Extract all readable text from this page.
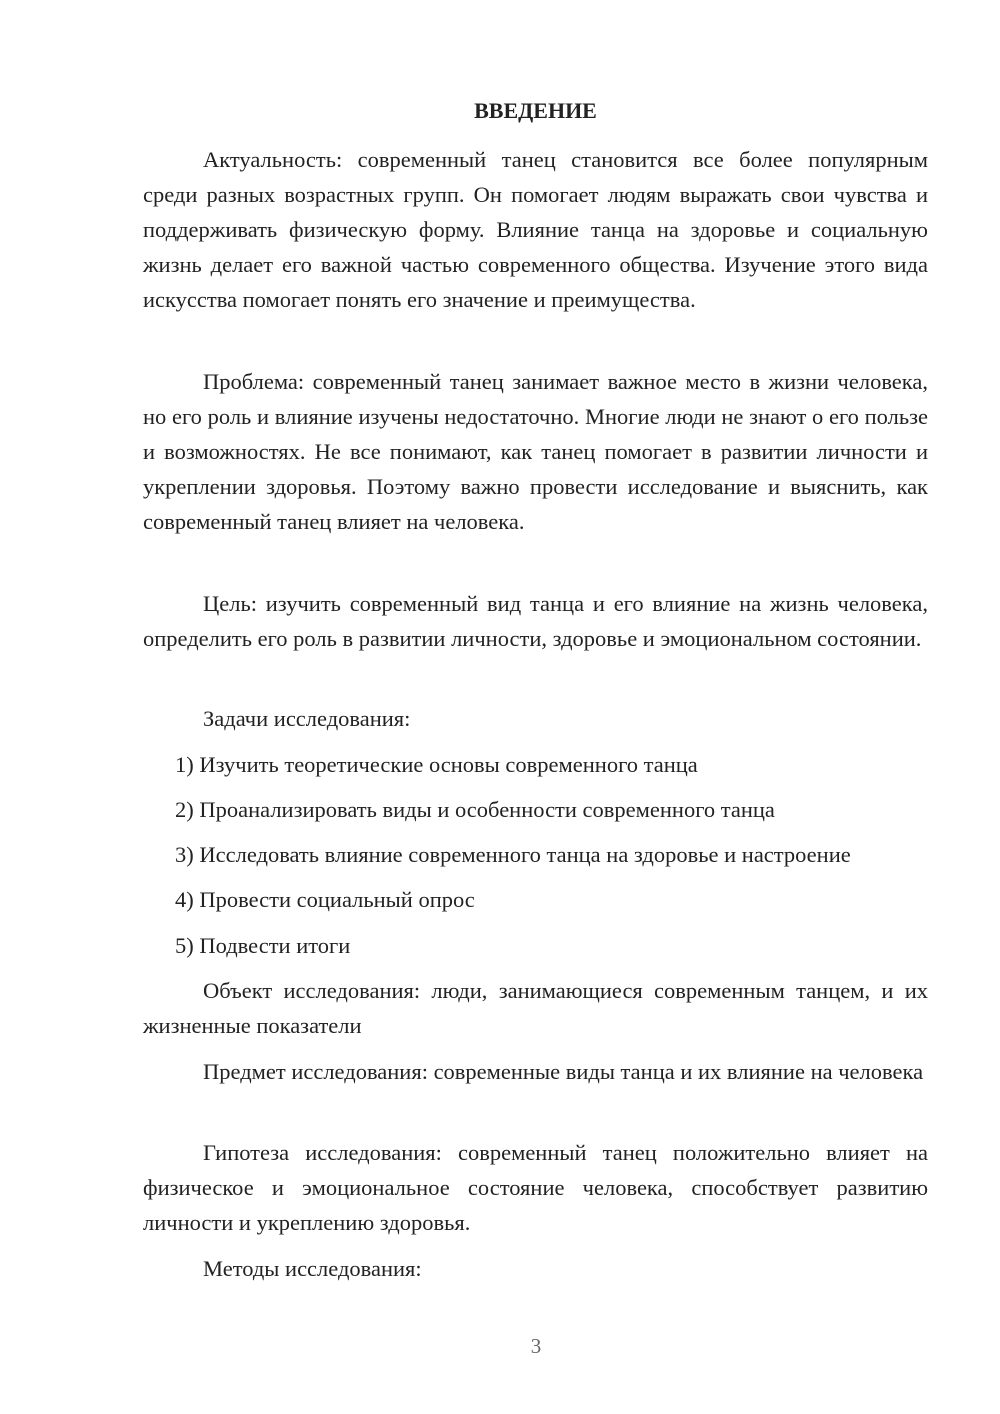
ВВЕДЕНИЕ

Актуальность: современный танец становится все более популярным среди разных возрастных групп. Он помогает людям выражать свои чувства и поддерживать физическую форму. Влияние танца на здоровье и социальную жизнь делает его важной частью современного общества. Изучение этого вида искусства помогает понять его значение и преимущества.

Проблема: современный танец занимает важное место в жизни человека, но его роль и влияние изучены недостаточно. Многие люди не знают о его пользе и возможностях. Не все понимают, как танец помогает в развитии личности и укреплении здоровья. Поэтому важно провести исследование и выяснить, как современный танец влияет на человека.

Цель: изучить современный вид танца и его влияние на жизнь человека, определить его роль в развитии личности, здоровье и эмоциональном состоянии.

Задачи исследования:

1) Изучить теоретические основы современного танца

2) Проанализировать виды и особенности современного танца

3) Исследовать влияние современного танца на здоровье и настроение

4) Провести социальный опрос

5) Подвести итоги

Объект исследования: люди, занимающиеся современным танцем, и их жизненные показатели

Предмет исследования: современные виды танца и их влияние на человека

Гипотеза исследования: современный танец положительно влияет на физическое и эмоциональное состояние человека, способствует развитию личности и укреплению здоровья.

Методы исследования:

3
